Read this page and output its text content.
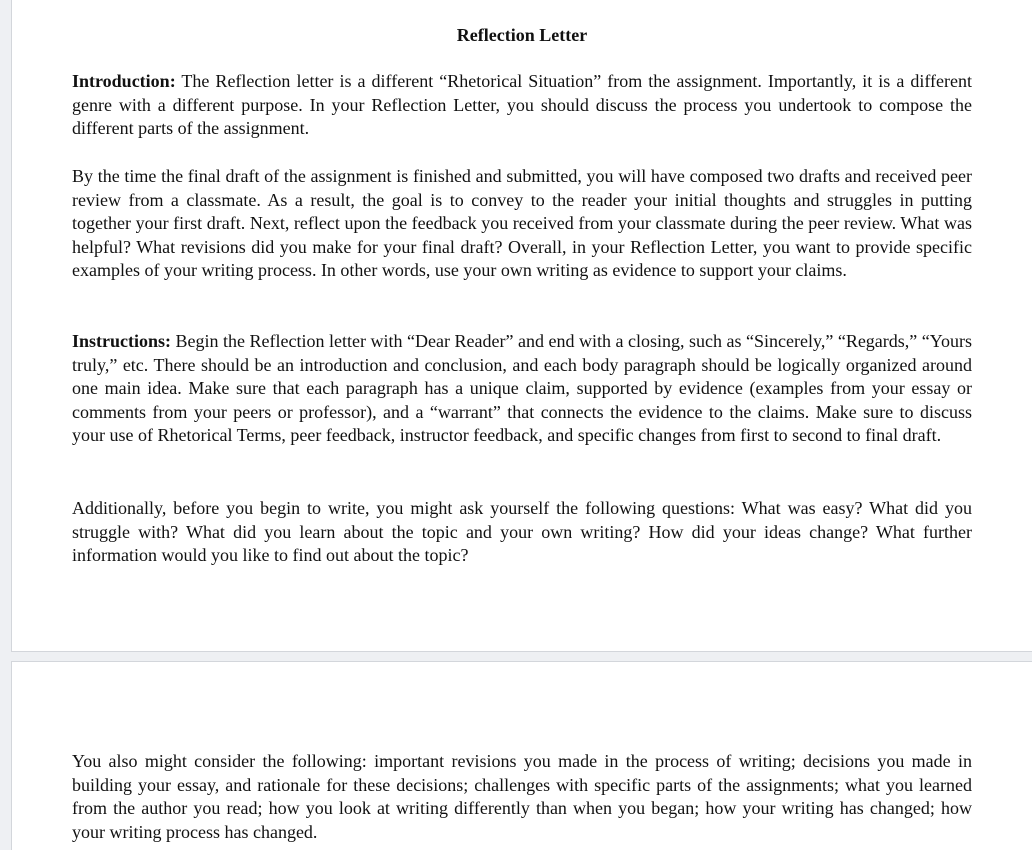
Reflection Letter

Introduction: The Reflection letter is a different “Rhetorical Situation” from the assignment. Importantly, it is a different genre with a different purpose. In your Reflection Letter, you should discuss the process you undertook to compose the different parts of the assignment.

By the time the final draft of the assignment is finished and submitted, you will have composed two drafts and received peer review from a classmate. As a result, the goal is to convey to the reader your initial thoughts and struggles in putting together your first draft. Next, reflect upon the feedback you received from your classmate during the peer review. What was helpful? What revisions did you make for your final draft? Overall, in your Reflection Letter, you want to provide specific examples of your writing process. In other words, use your own writing as evidence to support your claims.

Instructions: Begin the Reflection letter with “Dear Reader” and end with a closing, such as “Sincerely,” “Regards,” “Yours truly,” etc. There should be an introduction and conclusion, and each body paragraph should be logically organized around one main idea. Make sure that each paragraph has a unique claim, supported by evidence (examples from your essay or comments from your peers or professor), and a “warrant” that connects the evidence to the claims. Make sure to discuss your use of Rhetorical Terms, peer feedback, instructor feedback, and specific changes from first to second to final draft.

Additionally, before you begin to write, you might ask yourself the following questions: What was easy? What did you struggle with? What did you learn about the topic and your own writing? How did your ideas change? What further information would you like to find out about the topic?

You also might consider the following: important revisions you made in the process of writing; decisions you made in building your essay, and rationale for these decisions; challenges with specific parts of the assignments; what you learned from the author you read; how you look at writing differently than when you began; how your writing has changed; how your writing process has changed.
